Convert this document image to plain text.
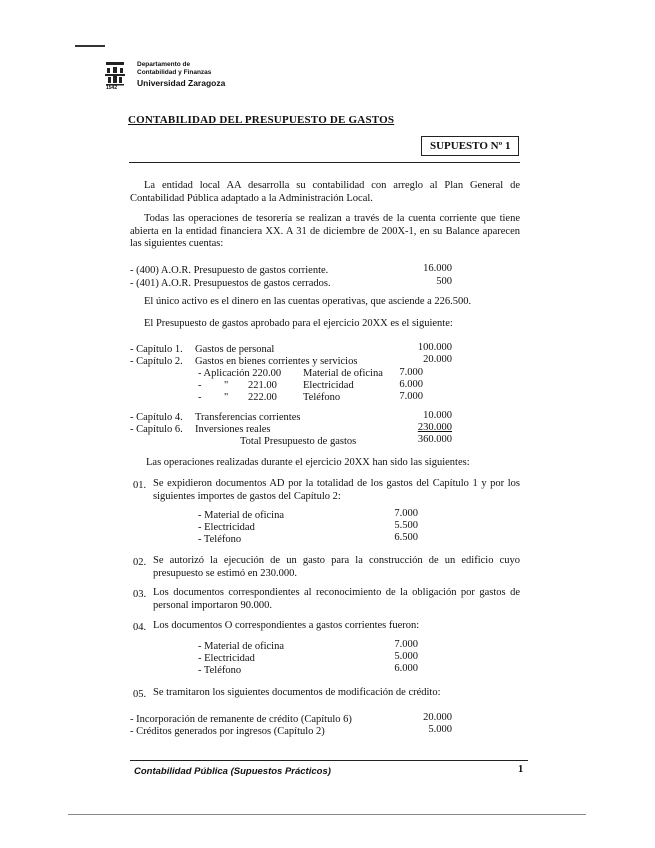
1542
Departamento de
Contabilidad y Finanzas
Universidad Zaragoza
CONTABILIDAD DEL PRESUPUESTO DE GASTOS
SUPUESTO Nº 1
La entidad local AA desarrolla su contabilidad con arreglo al Plan General de Contabilidad Pública adaptado a la Administración Local.
Todas las operaciones de tesorería se realizan a través de la cuenta corriente que tiene abierta en la entidad financiera XX. A 31 de diciembre de 200X-1, en su Balance aparecen las siguientes cuentas:
- (400) A.O.R. Presupuesto de gastos corriente.	16.000
- (401) A.O.R. Presupuestos de gastos cerrados.	500
El único activo es el dinero en las cuentas operativas, que asciende a 226.500.
El Presupuesto de gastos aprobado para el ejercicio 20XX es el siguiente:
- Capítulo 1. Gastos de personal	100.000
- Capítulo 2. Gastos en bienes corrientes y servicios	20.000
- Aplicación 220.00 Material de oficina	7.000
- " 221.00 Electricidad	6.000
- " 222.00 Teléfono	7.000
- Capítulo 4. Transferencias corrientes	10.000
- Capítulo 6. Inversiones reales	230.000
Total Presupuesto de gastos	360.000
Las operaciones realizadas durante el ejercicio 20XX han sido las siguientes:
01. Se expidieron documentos AD por la totalidad de los gastos del Capítulo 1 y por los siguientes importes de gastos del Capítulo 2:
- Material de oficina	7.000
- Electricidad	5.500
- Teléfono	6.500
02. Se autorizó la ejecución de un gasto para la construcción de un edificio cuyo presupuesto se estimó en 230.000.
03. Los documentos correspondientes al reconocimiento de la obligación por gastos de personal importaron 90.000.
04. Los documentos O correspondientes a gastos corrientes fueron:
- Material de oficina	7.000
- Electricidad	5.000
- Teléfono	6.000
05. Se tramitaron los siguientes documentos de modificación de crédito:
- Incorporación de remanente de crédito (Capítulo 6)	20.000
- Créditos generados por ingresos (Capítulo 2)	5.000
Contabilidad Pública (Supuestos Prácticos)	1
